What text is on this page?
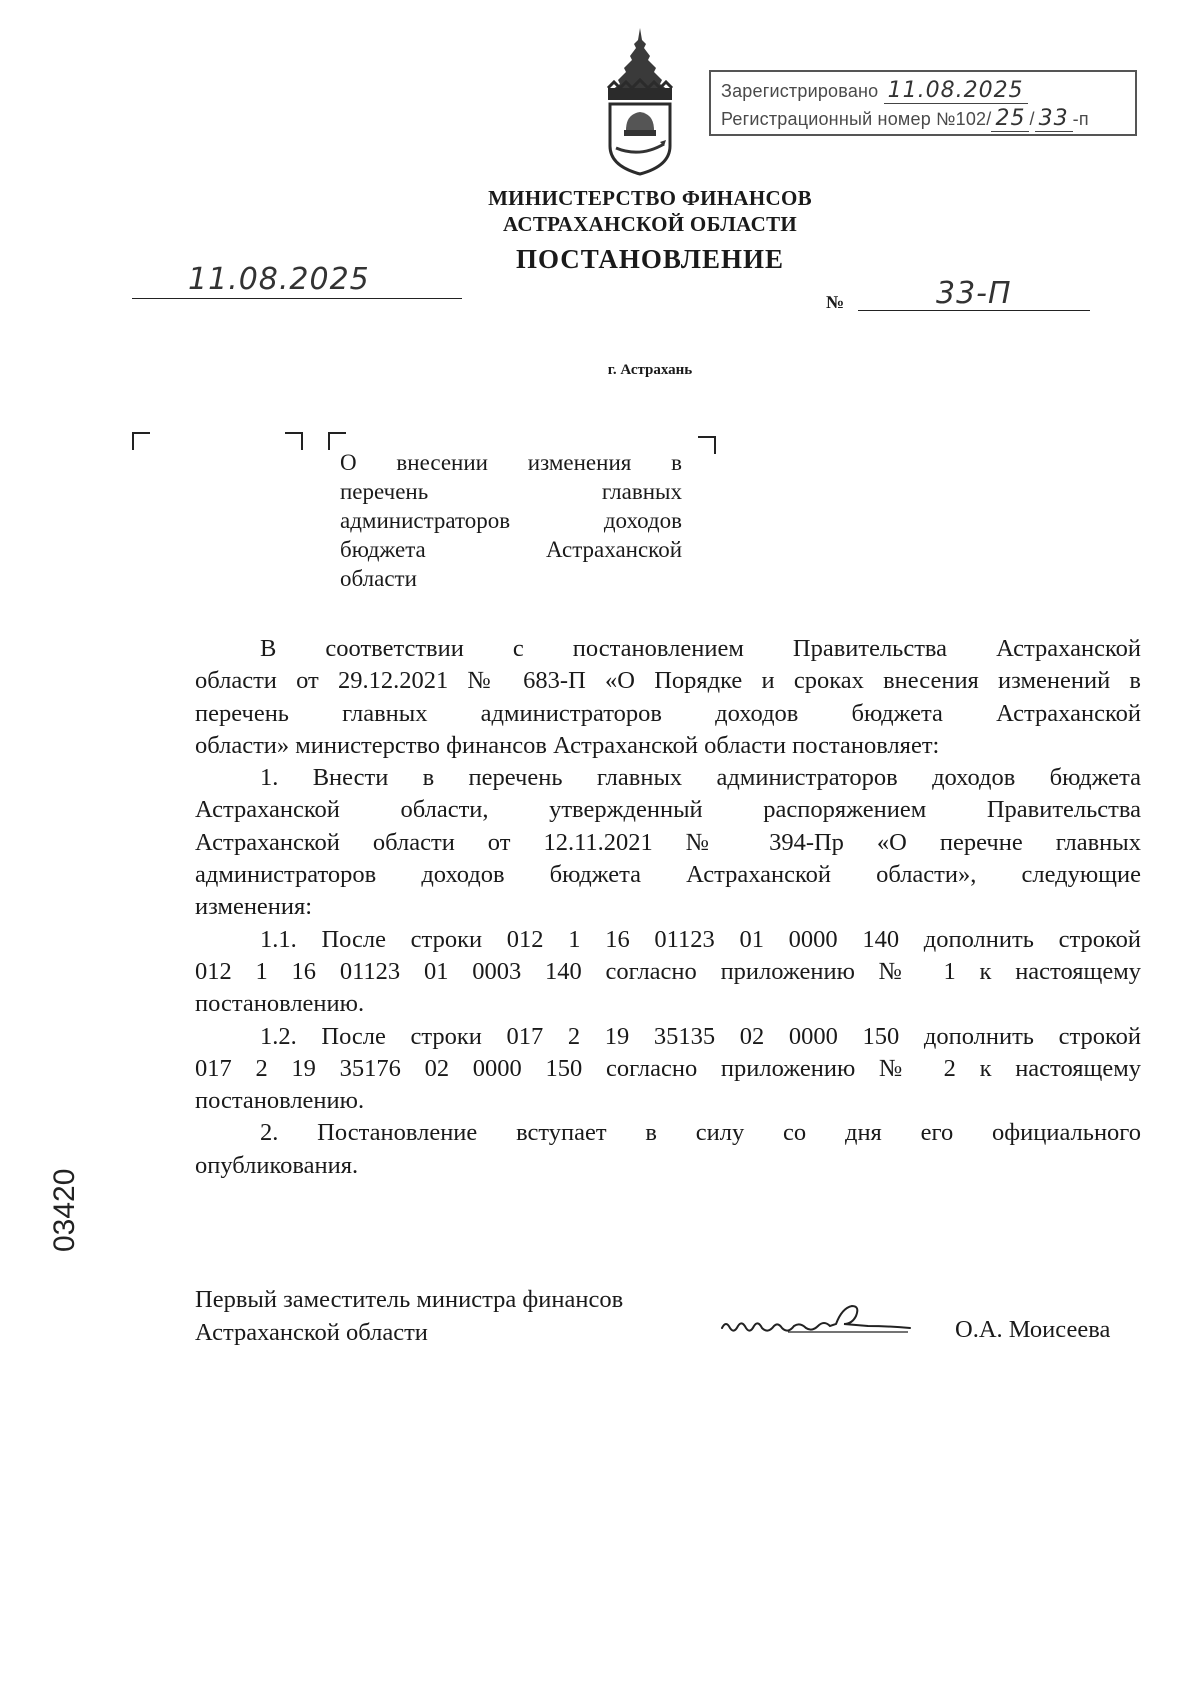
Зарегистрировано 11.08.2025
Регистрационный номер №102/ 25 / 33 -п
МИНИСТЕРСТВО ФИНАНСОВ
АСТРАХАНСКОЙ ОБЛАСТИ
ПОСТАНОВЛЕНИЕ
11.08.2025
№	33-П
г. Астрахань
О внесении изменения в
перечень главных
администраторов доходов
бюджета Астраханской
области
В соответствии с постановлением Правительства Астраханской
области от 29.12.2021 № 683-П «О Порядке и сроках внесения изменений в
перечень главных администраторов доходов бюджета Астраханской
области» министерство финансов Астраханской области постановляет:
1. Внести в перечень главных администраторов доходов бюджета
Астраханской области, утвержденный распоряжением Правительства
Астраханской области от 12.11.2021 № 394-Пр «О перечне главных
администраторов доходов бюджета Астраханской области», следующие
изменения:
1.1. После строки 012 1 16 01123 01 0000 140 дополнить строкой
012 1 16 01123 01 0003 140 согласно приложению № 1 к настоящему
постановлению.
1.2. После строки 017 2 19 35135 02 0000 150 дополнить строкой
017 2 19 35176 02 0000 150 согласно приложению № 2 к настоящему
постановлению.
2. Постановление вступает в силу со дня его официального
опубликования.
03420
Первый заместитель министра финансов
Астраханской области	О.А. Моисеева
